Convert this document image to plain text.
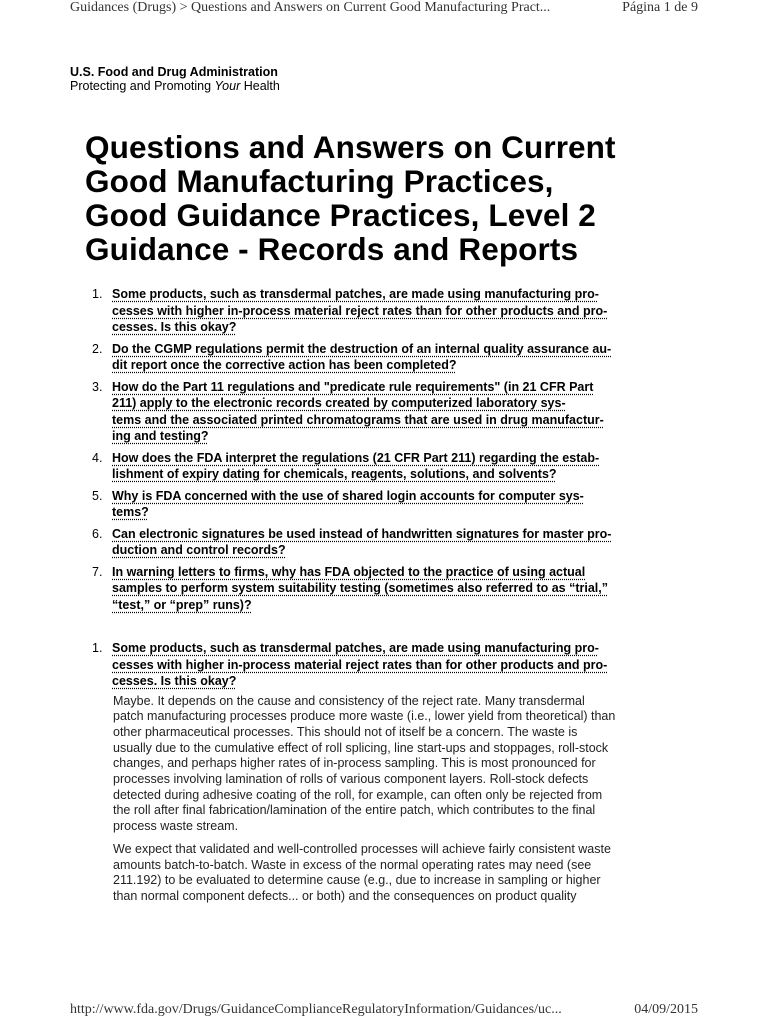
Guidances (Drugs) > Questions and Answers on Current Good Manufacturing Pract...	Página 1 de 9
U.S. Food and Drug Administration
Protecting and Promoting Your Health
Questions and Answers on Current
Good Manufacturing Practices,
Good Guidance Practices, Level 2
Guidance - Records and Reports
1. Some products, such as transdermal patches, are made using manufacturing pro-
cesses with higher in-process material reject rates than for other products and pro-
cesses. Is this okay?
2. Do the CGMP regulations permit the destruction of an internal quality assurance au-
dit report once the corrective action has been completed?
3. How do the Part 11 regulations and "predicate rule requirements" (in 21 CFR Part
211) apply to the electronic records created by computerized laboratory sys-
tems and the associated printed chromatograms that are used in drug manufactur-
ing and testing?
4. How does the FDA interpret the regulations (21 CFR Part 211) regarding the estab-
lishment of expiry dating for chemicals, reagents, solutions, and solvents?
5. Why is FDA concerned with the use of shared login accounts for computer sys-
tems?
6. Can electronic signatures be used instead of handwritten signatures for master pro-
duction and control records?
7. In warning letters to firms, why has FDA objected to the practice of using actual
samples to perform system suitability testing (sometimes also referred to as “trial,”
“test,” or “prep” runs)?
1. Some products, such as transdermal patches, are made using manufacturing pro-
cesses with higher in-process material reject rates than for other products and pro-
cesses. Is this okay?

Maybe. It depends on the cause and consistency of the reject rate. Many transdermal
patch manufacturing processes produce more waste (i.e., lower yield from theoretical) than
other pharmaceutical processes. This should not of itself be a concern. The waste is
usually due to the cumulative effect of roll splicing, line start-ups and stoppages, roll-stock
changes, and perhaps higher rates of in-process sampling. This is most pronounced for
processes involving lamination of rolls of various component layers. Roll-stock defects
detected during adhesive coating of the roll, for example, can often only be rejected from
the roll after final fabrication/lamination of the entire patch, which contributes to the final
process waste stream.

We expect that validated and well-controlled processes will achieve fairly consistent waste
amounts batch-to-batch. Waste in excess of the normal operating rates may need (see
211.192) to be evaluated to determine cause (e.g., due to increase in sampling or higher
than normal component defects... or both) and the consequences on product quality

http://www.fda.gov/Drugs/GuidanceComplianceRegulatoryInformation/Guidances/uc...	04/09/2015
